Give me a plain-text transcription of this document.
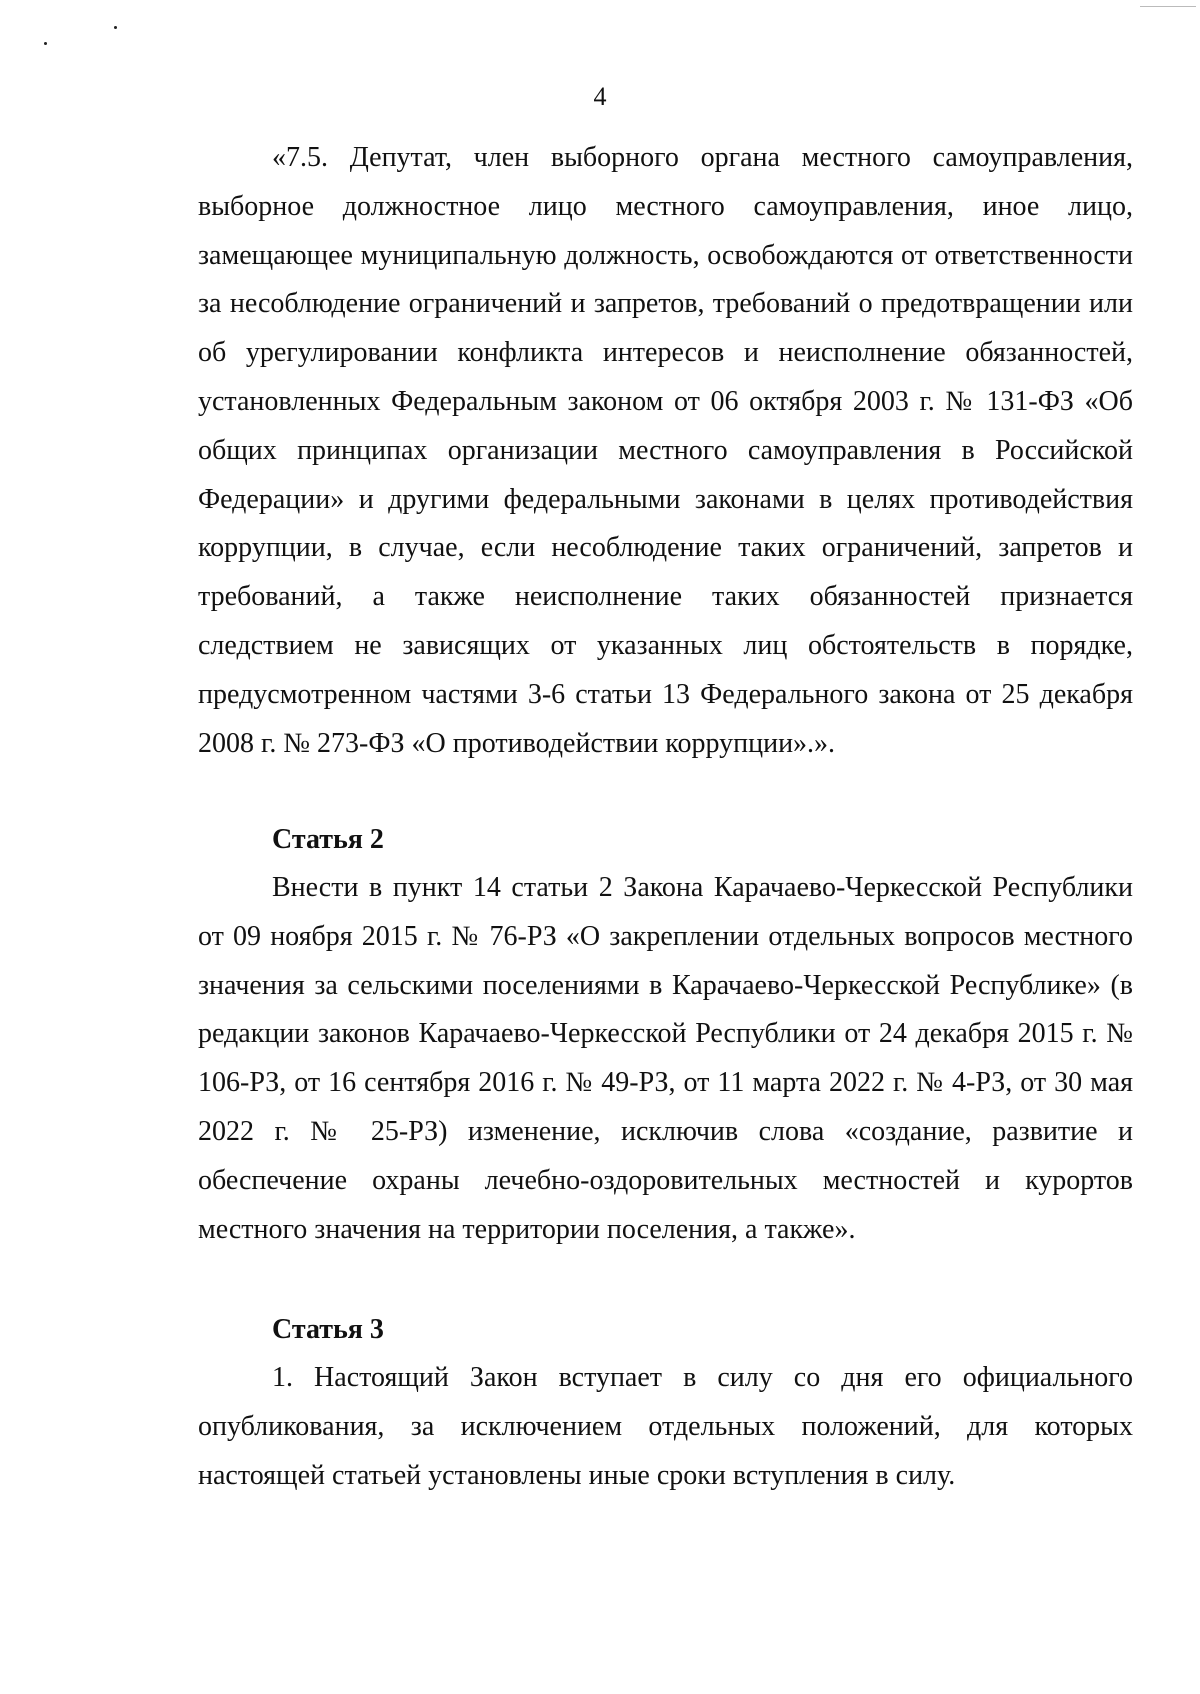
4

«7.5. Депутат, член выборного органа местного самоуправления, выборное должностное лицо местного самоуправления, иное лицо, замещающее муниципальную должность, освобождаются от ответственности за несоблюдение ограничений и запретов, требований о предотвращении или об урегулировании конфликта интересов и неисполнение обязанностей, установленных Федеральным законом от 06 октября 2003 г. № 131-ФЗ «Об общих принципах организации местного самоуправления в Российской Федерации» и другими федеральными законами в целях противодействия коррупции, в случае, если несоблюдение таких ограничений, запретов и требований, а также неисполнение таких обязанностей признается следствием не зависящих от указанных лиц обстоятельств в порядке, предусмотренном частями 3-6 статьи 13 Федерального закона от 25 декабря 2008 г. № 273-ФЗ «О противодействии коррупции».».

Статья 2

Внести в пункт 14 статьи 2 Закона Карачаево-Черкесской Республики от 09 ноября 2015 г. № 76-РЗ «О закреплении отдельных вопросов местного значения за сельскими поселениями в Карачаево-Черкесской Республике» (в редакции законов Карачаево-Черкесской Республики от 24 декабря 2015 г. № 106-РЗ, от 16 сентября 2016 г. № 49-РЗ, от 11 марта 2022 г. № 4-РЗ, от 30 мая 2022 г. № 25-РЗ) изменение, исключив слова «создание, развитие и обеспечение охраны лечебно-оздоровительных местностей и курортов местного значения на территории поселения, а также».

Статья 3

1. Настоящий Закон вступает в силу со дня его официального опубликования, за исключением отдельных положений, для которых настоящей статьей установлены иные сроки вступления в силу.
